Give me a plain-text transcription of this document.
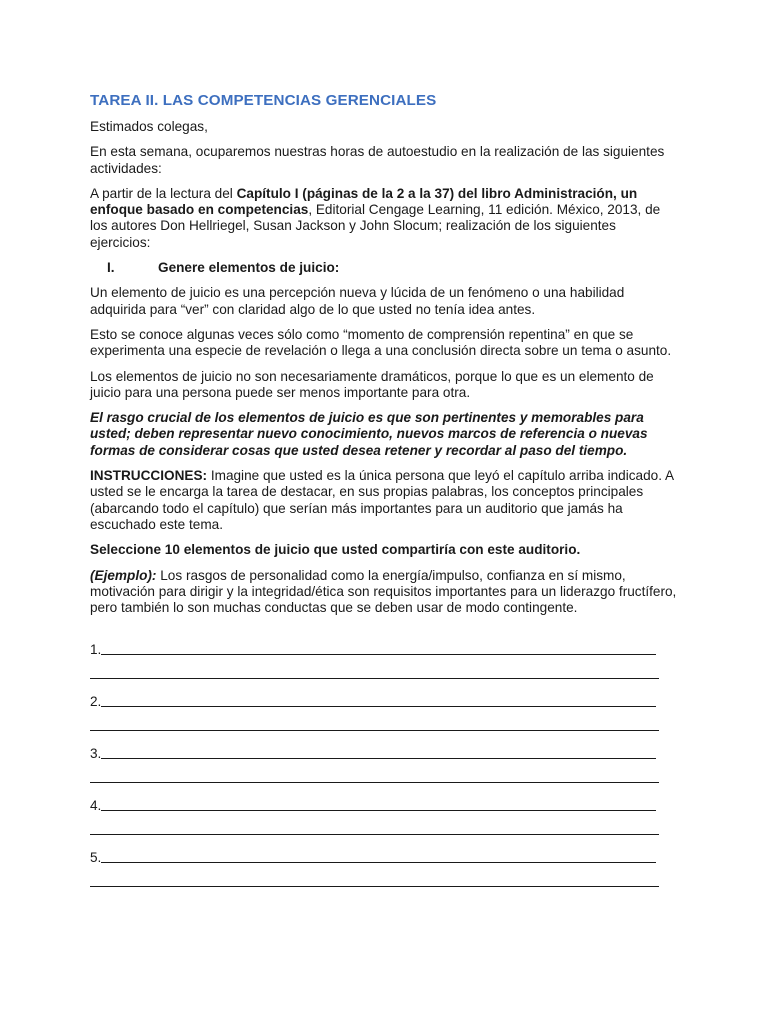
TAREA II. LAS COMPETENCIAS GERENCIALES

Estimados colegas,

En esta semana, ocuparemos nuestras horas de autoestudio en la realización de las siguientes actividades:

A partir de la lectura del Capítulo I (páginas de la 2 a la 37) del libro Administración, un enfoque basado en competencias, Editorial Cengage Learning, 11 edición. México, 2013, de los autores Don Hellriegel, Susan Jackson y John Slocum; realización de los siguientes ejercicios:

I.	Genere elementos de juicio:

Un elemento de juicio es una percepción nueva y lúcida de un fenómeno o una habilidad adquirida para “ver” con claridad algo de lo que usted no tenía idea antes.

Esto se conoce algunas veces sólo como “momento de comprensión repentina” en que se experimenta una especie de revelación o llega a una conclusión directa sobre un tema o asunto.

Los elementos de juicio no son necesariamente dramáticos, porque lo que es un elemento de juicio para una persona puede ser menos importante para otra.

El rasgo crucial de los elementos de juicio es que son pertinentes y memorables para usted; deben representar nuevo conocimiento, nuevos marcos de referencia o nuevas formas de considerar cosas que usted desea retener y recordar al paso del tiempo.

INSTRUCCIONES: Imagine que usted es la única persona que leyó el capítulo arriba indicado. A usted se le encarga la tarea de destacar, en sus propias palabras, los conceptos principales (abarcando todo el capítulo) que serían más importantes para un auditorio que jamás ha escuchado este tema.

Seleccione 10 elementos de juicio que usted compartiría con este auditorio.

(Ejemplo): Los rasgos de personalidad como la energía/impulso, confianza en sí mismo, motivación para dirigir y la integridad/ética son requisitos importantes para un liderazgo fructífero, pero también lo son muchas conductas que se deben usar de modo contingente.

1.
2.
3.
4.
5.
